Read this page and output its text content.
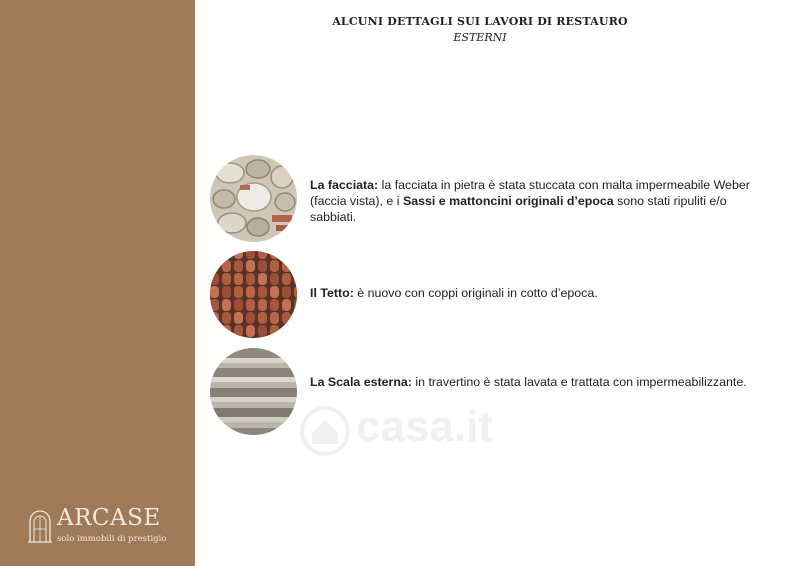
ARCASE
solo immobili di prestigio
ALCUNI DETTAGLI SUI LAVORI DI RESTAURO
ESTERNI
La facciata: la facciata in pietra è stata stuccata con malta impermeabile Weber (faccia vista), e i Sassi e mattoncini originali d’epoca sono stati ripuliti e/o sabbiati.
Il Tetto: è nuovo con coppi originali in cotto d’epoca.
La Scala esterna: in travertino è stata lavata e trattata con impermeabilizzante.
casa.it
